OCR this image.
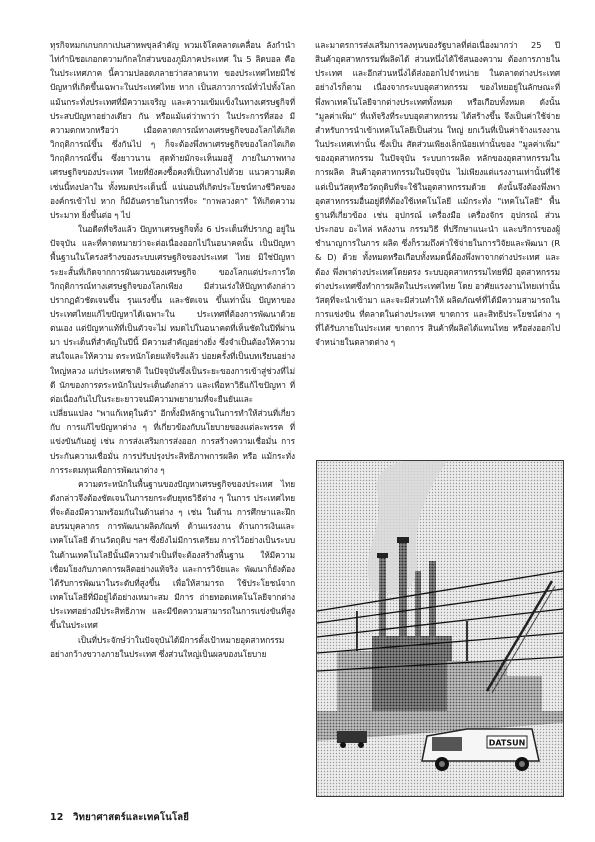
ทุรกิจหมกเกบกกาเปนสาหพขุลลำคัญ พวมเจ้โตคลาดเคลื่อน ลังกำนำไท่กำนิชอเกอกดวามกักลใกส่วนของภูมิภาคประเทศ ใน 5 ลิดบอล คือ ในประเทศภาค นี้ความปลอดภลายว่าสลาดนาท ของประเทศไทยมิใช่ปัญหาที่เกิดขึ้นเฉพาะในประเทศไทย หาก เป็นสภาวการณ์ทั่วไปทั้งโลก แม้นกระทั่งประเทศที่มีความเจริญ และความเข้มแข็งในทางเศรษฐกิจที่ประสบปัญหาอย่างเดียว กัน หรือแม้แต่ว่าพาว่า ในประการที่สอง มีความตกหวกหรือว่า เมื่อตลาดการณ์ทางเศรษฐกิจของโลกได้เกิดวิกฤติการณ์ขึ้น ซึ่งกันไป ๆ ก็จะต้องพึ่งพาเศรษฐกิจของโลกไตเกิดวิกฤติการณ์ขึ้น ซึ่งยาวนาน สุดท้ายมักจะเห็นมอสู้ ภายในภาพทางเศรษฐกิจของประเทศ ไทยที่ยังคงซื้อคงที่เป็นทางไปด้วย แนวความคิดเช่นนี้ทงปลาใน ทั้งหมดประเด็นนี้ แน่นอนที่เกิดประโยชน์ทางชีวิตขององค์กรเข้าไป หาก ก็มีอันตรายในการที่จะ "กาพลวงตา" ให้เกิดความประมาท ยิ่งขึ้นต่อ ๆ ไป

ในอดีตที่จริงแล้ว ปัญหาเศรษฐกิจทั้ง 6 ประเด็นที่ปรากฏ อยู่ในปัจจุบัน และที่คาดหมายว่าจะต่อเนื่องออกไปในอนาคตนั้น เป็นปัญหาพื้นฐานในโครงสร้างของระบบเศรษฐกิจของประเทศ ไทย มิใช่ปัญหาระยะสั้นที่เกิดจากการผันผวนของเศรษฐกิจ ของโลกแต่ประการใด วิกฤติการณ์ทางเศรษฐกิจของโลกเพียง มีส่วนเร่งให้ปัญหาดังกล่าวปรากฏตัวชัดเจนขึ้น รุนแรงขึ้น และชัดเจน ขึ้นเท่านั้น ปัญหาของประเทศไทยแก้ไขปัญหาได้เฉพาะใน ประเทศที่ต้องการพัฒนาด้วยตนเอง แต่ปัญหาแท้ที่เป็นตัวจะไม่ หมดไปในอนาคตที่เห็นชัดในปีที่ผ่านมา ประเด็นที่สำคัญในปีนี้ มีความสำคัญอย่างยิ่ง ซึ่งจำเป็นต้องให้ความสนใจและให้ความ ตระหนักโดยแท้จริงแล้ว บ่อยครั้งที่เป็นบทเรียนอย่างใหญ่หลวง แก่ประเทศชาติ ในปัจจุบันซึ่งเป็นระยะของการเข้าสู่ช่วงที่ไม่ดี นักของการตระหนักในประเด็นดังกล่าว และเพื่อหาวิธีแก้ไขปัญหา ที่ต่อเนื่องกันไปในระยะยาวจนมีความพยายามที่จะยืนยันและเปลี่ยนแปลง "พาแก้เหตุในตัว" อีกทั้งมีหลักฐานในการทำให้ส่วนที่เกี่ยวกับ การแก้ไขปัญหาต่าง ๆ ที่เกี่ยวข้องกับนโยบายของแต่ละพรรค ที่แข่งขันกันอยู่ เช่น การส่งเสริมการส่งออก การสร้างความเชื่อมั่น การ ประกันความเชื่อมั่น การปรับปรุงประสิทธิภาพการผลิต หรือ แม้กระทั่งการระดมทุนเพื่อการพัฒนาต่าง ๆ

ความตระหนักในพื้นฐานของปัญหาเศรษฐกิจของประเทศ ไทยดังกล่าวจึงต้องชัดเจนในการยกระดับยุทธวิธีต่าง ๆ ในการ ประเทศไทยที่จะต้องมีความพร้อมกันในด้านต่าง ๆ เช่น ในด้าน การศึกษาและฝึกอบรมบุคลากร การพัฒนาผลิตภัณฑ์ ด้านแรงงาน ด้านการเงินและเทคโนโลยี ด้านวัตถุดิบ ฯลฯ ซึ่งยังไม่มีการเตรียม การไว้อย่างเป็นระบบ ในด้านเทคโนโลยีนั้นมีความจำเป็นที่จะต้องสร้างพื้นฐาน ให้มีความเชื่อมโยงกับภาคการผลิตอย่างแท้จริง และการวิจัยและ พัฒนาก็ยังต้องได้รับการพัฒนาในระดับที่สูงขึ้น เพื่อให้สามารถ ใช้ประโยชน์จากเทคโนโลยีที่มีอยู่ได้อย่างเหมาะสม มีการ ถ่ายทอดเทคโนโลยีจากต่างประเทศอย่างมีประสิทธิภาพ และมีขีดความสามารถในการแข่งขันที่สูงขึ้นในประเทศ

เป็นที่ประจักษ์ว่าในปัจจุบันได้มีการตั้งเป้าหมายอุตสาหกรรม อย่างกว้างขวางภายในประเทศ ซึ่งส่วนใหญ่เป็นผลของนโยบาย

และมาตรการส่งเสริมการลงทุนของรัฐบาลที่ต่อเนื่องมากว่า 25 ปี สินค้าอุตสาหกรรมที่ผลิตได้ ส่วนหนึ่งได้ใช้สนองความ ต้องการภายในประเทศ และอีกส่วนหนึ่งได้ส่งออกไปจำหน่าย ในตลาดต่างประเทศ อย่างไรก็ตาม เนื่องจากระบบอุตสาหกรรม ของไทยอยู่ในลักษณะที่พึ่งพาเทคโนโลยีจากต่างประเทศทั้งหมด หรือเกือบทั้งหมด ดังนั้น "มูลค่าเพิ่ม" ที่แท้จริงที่ระบบอุตสาหกรรม ได้สร้างขึ้น จึงเป็นค่าใช้จ่ายสำหรับการนำเข้าเทคโนโลยีเป็นส่วน ใหญ่ ยกเว้นที่เป็นค่าจ้างแรงงานในประเทศเท่านั้น ซึ่งเป็น สัดส่วนเพียงเล็กน้อยเท่านั้นของ "มูลค่าเพิ่ม" ของอุตสาหกรรม ในปัจจุบัน ระบบการผลิต หลักของอุตสาหกรรมในการผลิต สินค้าอุตสาหกรรมในปัจจุบัน ไม่เพียงแต่แรงงานเท่านั้นที่ใช้ แต่เป็นวัสดุหรือวัตถุดิบที่จะใช้ในอุตสาหกรรมด้วย ดังนั้นจึงต้องพึ่งพา อุตสาหกรรมอื่นอยู่ดีที่ต้องใช้เทคโนโลยี แม้กระทั่ง "เทคโนโลยี" พื้นฐานที่เกี่ยวข้อง เช่น อุปกรณ์ เครื่องมือ เครื่องจักร อุปกรณ์ ส่วนประกอบ อะไหล่ หลังงาน กรรมวิธี ที่ปรึกษาแนะนำ และบริการของผู้ชำนาญการในการ ผลิต ซึ่งก็รวมถึงค่าใช้จ่ายในการวิจัยและพัฒนา (R & D) ด้วย ทั้งหมดหรือเกือบทั้งหมดนี้ต้องพึ่งพาจากต่างประเทศ และต้อง พึ่งพาต่างประเทศโดยตรง ระบบอุตสาหกรรมไทยที่มี อุตสาหกรรมต่างประเทศซึ่งทำการผลิตในประเทศไทย โดย อาศัยแรงงานไทยเท่านั้น วัสดุที่จะนำเข้ามา และจะมีส่วนทำให้ ผลิตภัณฑ์ที่ได้มีความสามารถในการแข่งขัน ที่ตลาดในต่างประเทศ ขาดการ และสิทธิประโยชน์ต่าง ๆ ที่ได้รับภายในประเทศ ขาดการ สินค้าที่ผลิตได้แทนไทย หรือส่งออกไปจำหน่ายในตลาดต่าง ๆ

DATSUN
12 วิทยาศาสตร์และเทคโนโลยี
